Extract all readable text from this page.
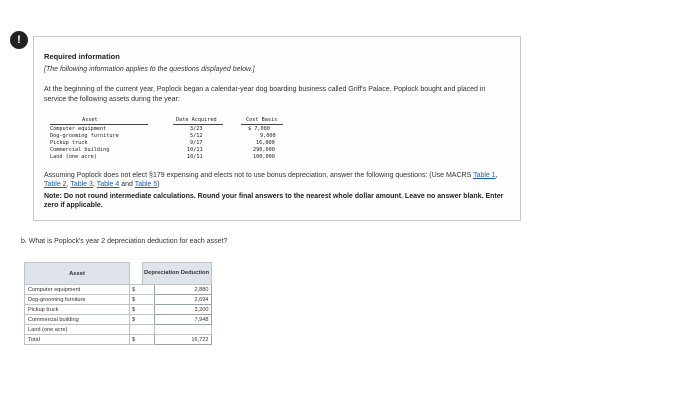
!
Required information
[The following information applies to the questions displayed below.]
At the beginning of the current year, Poplock began a calendar-year dog boarding business called Griff's Palace. Poplock bought and placed in service the following assets during the year:
Asset	Date Acquired	Cost Basis
Computer equipment	3/23	$ 7,000
Dog-grooming furniture	5/12	9,000
Pickup truck	9/17	16,000
Commercial building	10/11	290,000
Land (one acre)	10/11	100,000
Assuming Poplock does not elect §179 expensing and elects not to use bonus depreciation, answer the following questions: (Use MACRS Table 1, Table 2, Table 3, Table 4 and Table 5)
Note: Do not round intermediate calculations. Round your final answers to the nearest whole dollar amount. Leave no answer blank. Enter zero if applicable.
b. What is Poplock's year 2 depreciation deduction for each asset?
Asset		Depreciation Deduction	
Computer equipment	$		2,880
Dog-grooming furniture	$		2,694
Pickup truck	$		3,200
Commercial building	$		7,948
Land (one acre)			
Total	$		16,722
